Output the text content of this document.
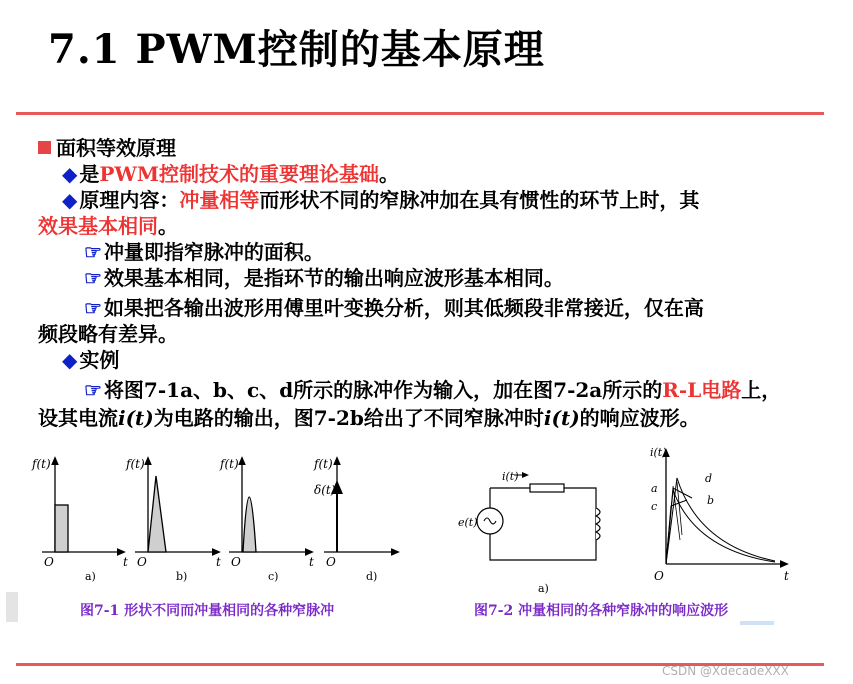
7.1 PWM控制的基本原理
面积等效原理
◆ 是PWM控制技术的重要理论基础。
◆ 原理内容：冲量相等而形状不同的窄脉冲加在具有惯性的环节上时，其
效果基本相同。
☞ 冲量即指窄脉冲的面积。
☞ 效果基本相同，是指环节的输出响应波形基本相同。
☞ 如果把各输出波形用傅里叶变换分析，则其低频段非常接近，仅在高
频段略有差异。
◆ 实例
☞ 将图7-1a、b、c、d所示的脉冲作为输入，加在图7-2a所示的R-L电路上，
设其电流i(t)为电路的输出，图7-2b给出了不同窄脉冲时i(t)的响应波形。
f(t)
O	t
a)
f(t)
O	t
b)
f(t)
O	t
c)
f(t)
δ(t)
O
d)
i(t)
e(t)
a)
i(t)
a
b
c
d
O	t
图7-1 形状不同而冲量相同的各种窄脉冲	图7-2 冲量相同的各种窄脉冲的响应波形
CSDN @XdecadeXXX
